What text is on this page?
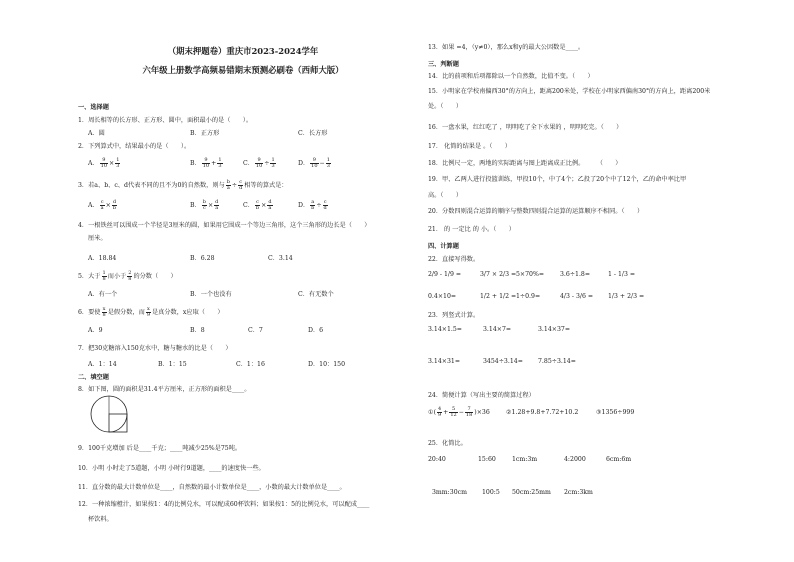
（期末押题卷）重庆市2023-2024学年
六年级上册数学高频易错期末预测必刷卷（西师大版）
一、选择题
1．周长相等的长方形、正方形、圆中，面积最小的是（　　）。
A．圆	B．正方形	C．长方形
2．下列算式中，结果最小的是（　　）。
A． $\frac{9}{10} \times \frac{1}{3}$	B． $\frac{9}{10} + \frac{1}{3}$	C． $\frac{9}{10} \div \frac{1}{3}$	D． $\frac{9}{10} - \frac{1}{3}$
3．若a、b、c、d代表不同的且不为0的自然数，则与 $\frac{b}{a} \div \frac{c}{d}$ 相等的算式是：
A． $\frac{c}{a} \times \frac{d}{b}$	B． $\frac{b}{c} \times \frac{d}{a}$	C． $\frac{c}{b} \times \frac{d}{a}$	D． $\frac{a}{b} \div \frac{c}{d}$
4．一根铁丝可以围成一个半径是3厘米的圆，如果用它围成一个等边三角形，这个三角形的边长是（　　）
厘米。
A．18.84	B．6.28	C．3.14
5．大于 $\frac{1}{8}$ 而小于 $\frac{2}{8}$ 的分数（　　）
A．有一个	B．一个也没有	C．有无数个
6．要使 $\frac{x}{8}$ 是假分数，而 $\frac{x}{9}$ 是真分数，x应取（　　）
A．9	B．8	C．7	D．6
7．把30克糖溶入150克水中，糖与糖水的比是（　　）
A．1：14	B．1：15	C．1：16	D．10：150
二、填空题
8．如下图，圆的面积是31.4平方厘米，正方形的面积是____。
9．100千克增加 后是____千克；____吨减少25%是75吨。
10．小明 小时走了5道题，小明 小时行9道题，____的速度快一些。
11．直分数的最大计数单位是____，自然数的最小计数单位是____，小数的最大计数单位是____。
12．一种浓缩橙汁，如果按1：4的比例兑水，可以配成60杯饮料；如果按1：5的比例兑水，可以配成____
杯饮料。
13．如果 =4，（y≠0），那么x和y的最大公因数是____。
三、判断题
14．比的前项和后项都除以一个自然数，比值不变。（　　）
15．小明家在学校南偏西30°的方向上，距离200米处，学校在小明家西偏南30°的方向上，距离200米
处。（　　）
16．一盘水果，红红吃了 ，明明吃了全下水果的 ，明明吃完。（　　）
17． 化简的结果是 。（　　）
18．比例尺一定，两地的实际距离与图上距离成正比例。　　　（　　）
19．甲、乙两人进行投篮训练，甲投10个，中了4个；乙投了20个中了12个，乙的命中率比甲
高。（　　）
20．分数四则混合运算的顺序与整数四则混合运算的运算顺序不相同。（　　）
21． 的 一定比 的 小。（　　）
四、计算题
22．直接写得数。
2/9 - 1/9 =	3/7 × 2/3 = 5×70%=	3.6÷1.8=	1 - 1/3 =
0.4×10=	1/2 + 1/2 = 1÷0.9=	4/3 - 3/6 = 1/3 + 2/3 =
23．列竖式计算。
3.14×1.5=	3.14×7=	3.14×37=
3.14×31=	3454÷3.14= 7.85÷3.14=
24．简便计算（写出主要的简算过程）
①( $\frac{4}{9} + \frac{5}{12} - \frac{7}{18} )\times 36$	②1.28+9.8+7.72+10.2	③1356÷999
25．化简比。
20:40	15:60	1cm:3m	4:2000	6cm:6m
3mm:30cm 100:5 50cm:25mm 2cm:3km
